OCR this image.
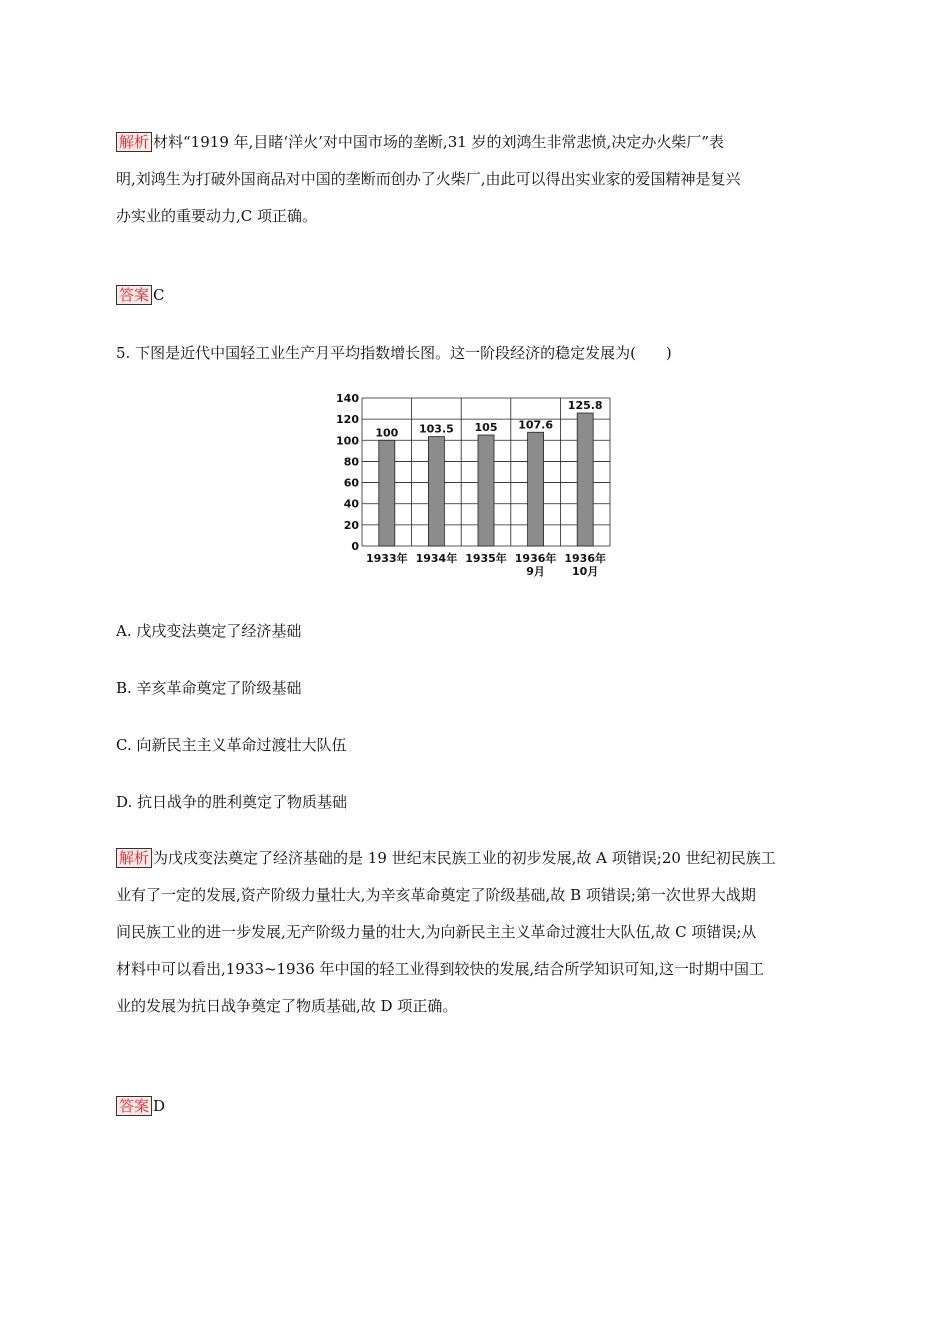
解析 材料“1919 年,目睹‘洋火’对中国市场的垄断,31 岁的刘鸿生非常悲愤,决定办火柴厂”表
明,刘鸿生为打破外国商品对中国的垄断而创办了火柴厂,由此可以得出实业家的爱国精神是复兴
办实业的重要动力,C 项正确。
答案 C
5. 下图是近代中国轻工业生产月平均指数增长图。这一阶段经济的稳定发展为(　　)
0
20
40
60
80
100
120
140
100
1933年
103.5
1934年
105
1935年
107.6
1936年
9月
125.8
1936年
10月
A. 戊戌变法奠定了经济基础
B. 辛亥革命奠定了阶级基础
C. 向新民主主义革命过渡壮大队伍
D. 抗日战争的胜利奠定了物质基础
解析 为戊戌变法奠定了经济基础的是 19 世纪末民族工业的初步发展,故 A 项错误;20 世纪初民族工
业有了一定的发展,资产阶级力量壮大,为辛亥革命奠定了阶级基础,故 B 项错误;第一次世界大战期
间民族工业的进一步发展,无产阶级力量的壮大,为向新民主主义革命过渡壮大队伍,故 C 项错误;从
材料中可以看出,1933~1936 年中国的轻工业得到较快的发展,结合所学知识可知,这一时期中国工
业的发展为抗日战争奠定了物质基础,故 D 项正确。
答案 D
